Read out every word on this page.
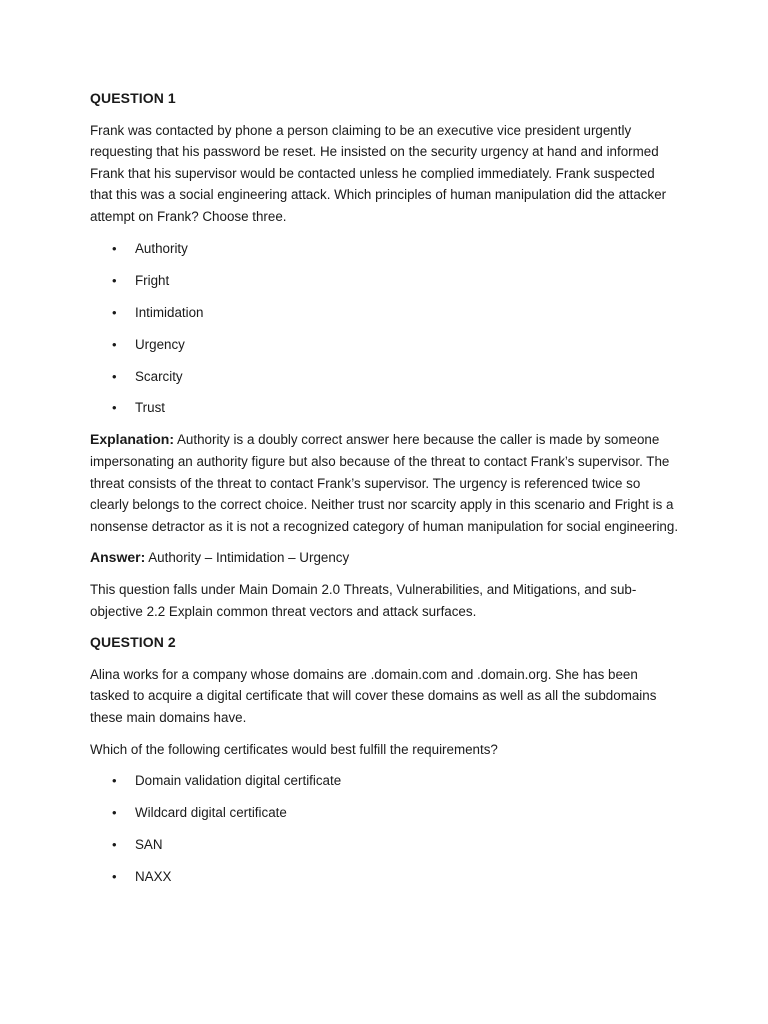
QUESTION 1

Frank was contacted by phone a person claiming to be an executive vice president urgently requesting that his password be reset. He insisted on the security urgency at hand and informed Frank that his supervisor would be contacted unless he complied immediately. Frank suspected that this was a social engineering attack. Which principles of human manipulation did the attacker attempt on Frank? Choose three.

• Authority
• Fright
• Intimidation
• Urgency
• Scarcity
• Trust

Explanation: Authority is a doubly correct answer here because the caller is made by someone impersonating an authority figure but also because of the threat to contact Frank’s supervisor. The threat consists of the threat to contact Frank’s supervisor. The urgency is referenced twice so clearly belongs to the correct choice. Neither trust nor scarcity apply in this scenario and Fright is a nonsense detractor as it is not a recognized category of human manipulation for social engineering.

Answer: Authority – Intimidation – Urgency

This question falls under Main Domain 2.0 Threats, Vulnerabilities, and Mitigations, and sub-objective 2.2 Explain common threat vectors and attack surfaces.

QUESTION 2

Alina works for a company whose domains are .domain.com and .domain.org. She has been tasked to acquire a digital certificate that will cover these domains as well as all the subdomains these main domains have.

Which of the following certificates would best fulfill the requirements?

• Domain validation digital certificate
• Wildcard digital certificate
• SAN
• NAXX
